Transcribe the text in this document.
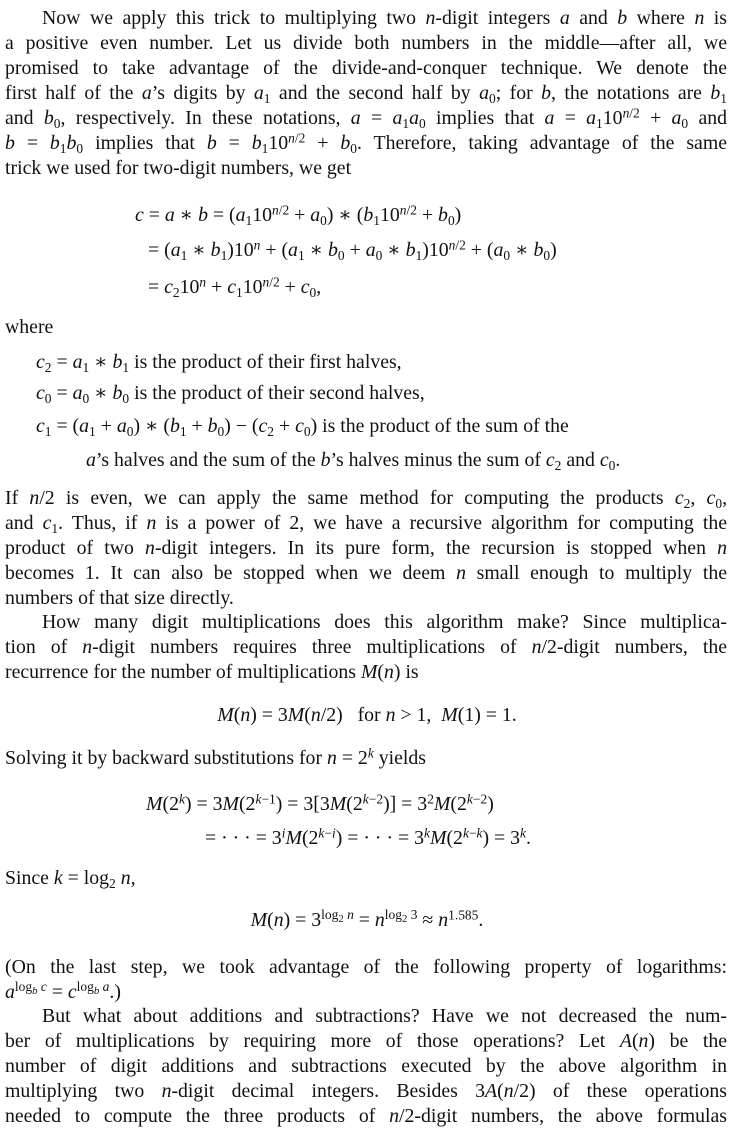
Now we apply this trick to multiplying two n-digit integers a and b where n is
a positive even number. Let us divide both numbers in the middle—after all, we
promised to take advantage of the divide-and-conquer technique. We denote the
first half of the a’s digits by $a_1$ and the second half by $a_0$; for b, the notations are $b_1$
and $b_0$, respectively. In these notations, $a = a_1a_0$ implies that $a = a_110^{n/2} + a_0$ and
$b = b_1b_0$ implies that $b = b_110^{n/2} + b_0$. Therefore, taking advantage of the same
trick we used for two-digit numbers, we get
c = a ∗ $b = (a_110^{n/2} + a_0)$ ∗ $(b_110^{n/2} + b_0)$
= ($a_1$ ∗ $b_1)10^n + (a_1$ ∗ $b_0 + a_0$ ∗ $b_1)10^{n/2} + (a_0$ ∗ $b_0$)
= $c_210^n + c_110^{n/2} + c_0$,
where
$c_2 = a_1$ ∗ $b_1$ is the product of their first halves,
$c_0 = a_0$ ∗ $b_0$ is the product of their second halves,
$c_1 = (a_1 + a_0)$ ∗ $(b_1 + b_0) - (c_2 + c_0)$ is the product of the sum of the
a’s halves and the sum of the b’s halves minus the sum of $c_2$ and $c_0$.
If n/2 is even, we can apply the same method for computing the products $c_2$, $c_0$,
and $c_1$. Thus, if n is a power of 2, we have a recursive algorithm for computing the
product of two n-digit integers. In its pure form, the recursion is stopped when n
becomes 1. It can also be stopped when we deem n small enough to multiply the
numbers of that size directly.
How many digit multiplications does this algorithm make? Since multiplica-
tion of n-digit numbers requires three multiplications of n/2-digit numbers, the
recurrence for the number of multiplications M(n) is
M(n) = 3M(n/2)   for n > 1,  M(1) = 1.
Solving it by backward substitutions for $n = 2^k$ yields
$M(2^k) = 3M(2^{k-1}) = 3[3M(2^{k-2})] = 3^2M(2^{k-2})$
= · · · = $3^iM(2^{k-i})$ = · · · = $3^kM(2^{k-k}) = 3^k$.
Since $k = \log_2 n$,
$M(n) = 3^{log_2 n} = n^{log_2 3} \approx n^{1.585}$.
(On the last step, we took advantage of the following property of logarithms:
$a^{log_b c} = c^{log_b a}$.)
But what about additions and subtractions? Have we not decreased the num-
ber of multiplications by requiring more of those operations? Let A(n) be the
number of digit additions and subtractions executed by the above algorithm in
multiplying two n-digit decimal integers. Besides 3A(n/2) of these operations
needed to compute the three products of n/2-digit numbers, the above formulas
